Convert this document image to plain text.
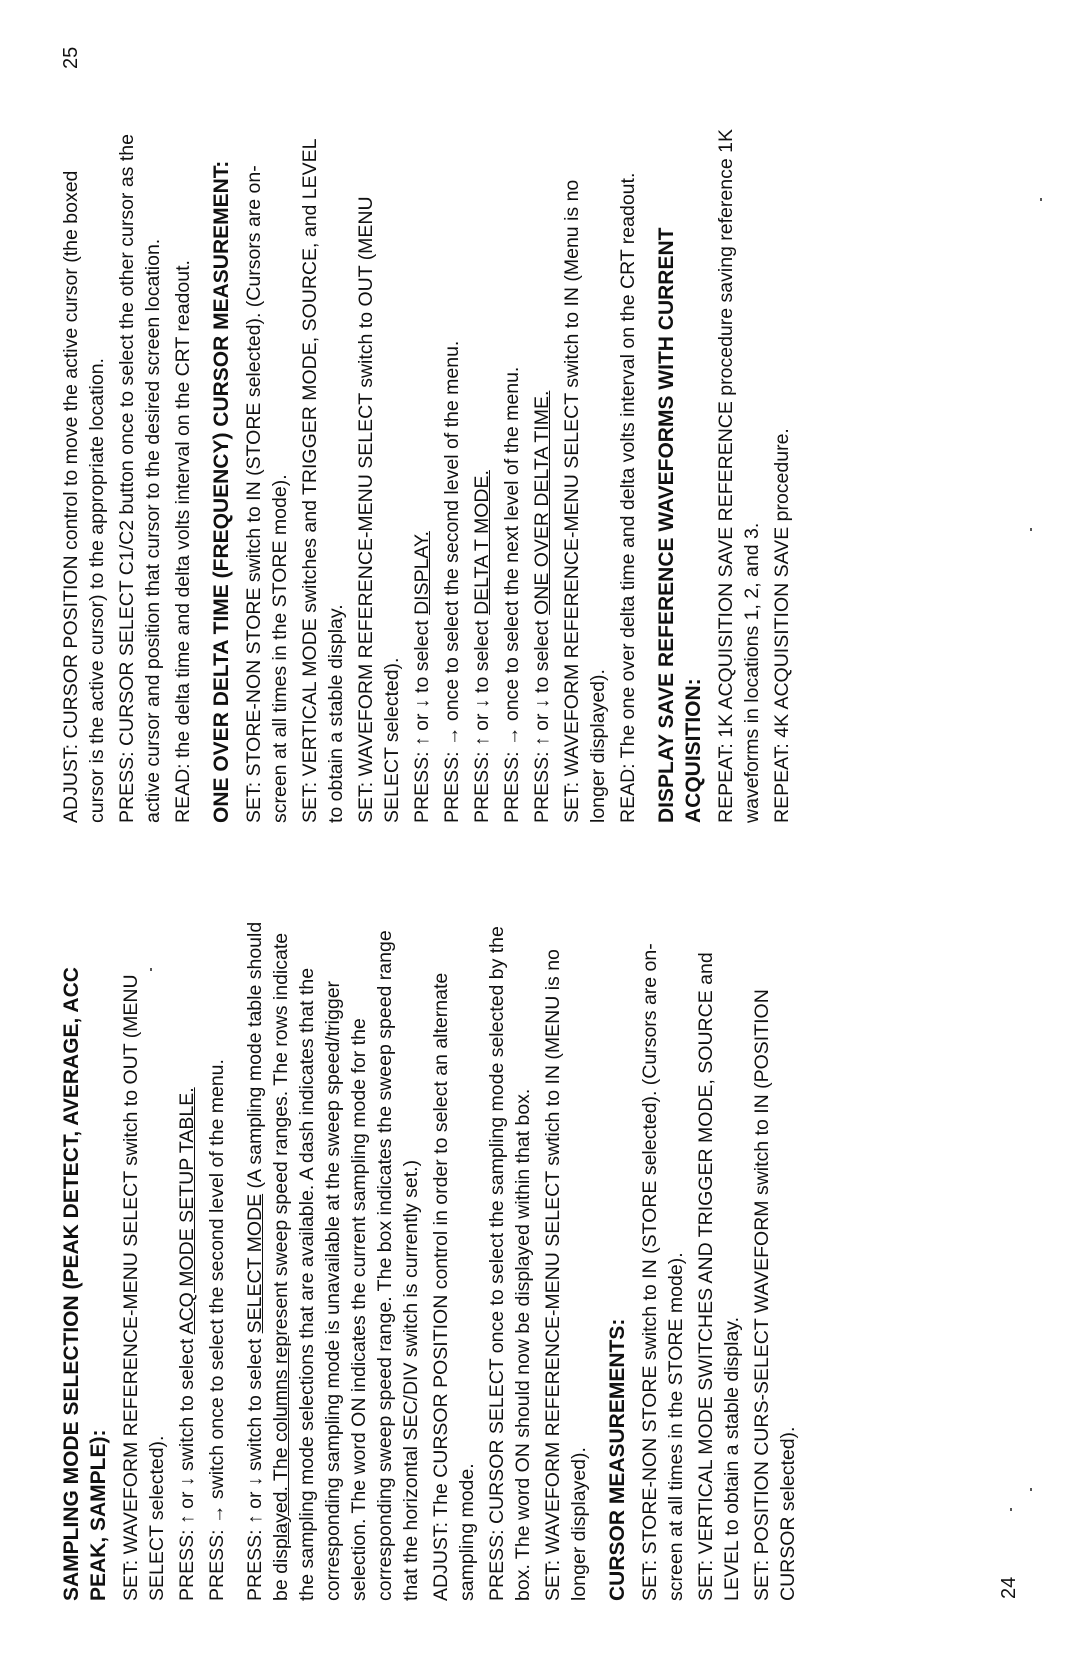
SAMPLING MODE SELECTION (PEAK DETECT, AVERAGE, ACC PEAK, SAMPLE): SET: WAVEFORM REFERENCE-MENU SELECT switch to OUT (MENU SELECT selected). PRESS: ↑ or ↓ switch to select ACQ MODE SETUP TABLE. PRESS: → switch once to select the second level of the menu. PRESS: ↑ or ↓ switch to select SELECT MODE (A sampling mode table should be displayed. The columns represent sweep speed ranges. The rows indicate the sampling mode selections that are available. A dash indicates that the corresponding sampling mode is unavailable at the sweep speed/trigger selection. The word ON indicates the current sampling mode for the corresponding sweep speed range. The box indicates the sweep speed range that the horizontal SEC/DIV switch is currently set.) ADJUST: The CURSOR POSITION control in order to select an alternate sampling mode. PRESS: CURSOR SELECT once to select the sampling mode selected by the box. The word ON should now be displayed within that box. SET: WAVEFORM REFERENCE-MENU SELECT swtich to IN (MENU is no longer displayed). CURSOR MEASUREMENTS: SET: STORE-NON STORE switch to IN (STORE selected). (Cursors are on-screen at all times in the STORE mode). SET: VERTICAL MODE SWITCHES AND TRIGGER MODE, SOURCE and LEVEL to obtain a stable display. SET: POSITION CURS-SELECT WAVEFORM switch to IN (POSITION CURSOR selected).	24

ADJUST: CURSOR POSITION control to move the active cursor (the boxed cursor is the active cursor) to the appropriate location. PRESS: CURSOR SELECT C1/C2 button once to select the other cursor as the active cursor and position that cursor to the desired screen location. READ: the delta time and delta volts interval on the CRT readout. ONE OVER DELTA TIME (FREQUENCY) CURSOR MEASUREMENT: SET: STORE-NON STORE switch to IN (STORE selected). (Cursors are on-screen at all times in the STORE mode). SET: VERTICAL MODE switches and TRIGGER MODE, SOURCE, and LEVEL to obtain a stable display. SET: WAVEFORM REFERENCE-MENU SELECT switch to OUT (MENU SELECT selected). PRESS: ↑ or ↓ to select DISPLAY. PRESS: → once to select the second level of the menu. PRESS: ↑ or ↓ to select DELTA T MODE. PRESS: → once to select the next level of the menu. PRESS: ↑ or ↓ to select ONE OVER DELTA TIME. SET: WAVEFORM REFERENCE-MENU SELECT switch to IN (Menu is no longer displayed). READ: The one over delta time and delta volts interval on the CRT readout. DISPLAY SAVE REFERENCE WAVEFORMS WITH CURRENT ACQUISITION: REPEAT: 1K ACQUISITION SAVE REFERENCE procedure saving reference 1K waveforms in locations 1, 2, and 3. REPEAT: 4K ACQUISITION SAVE procedure.

25
